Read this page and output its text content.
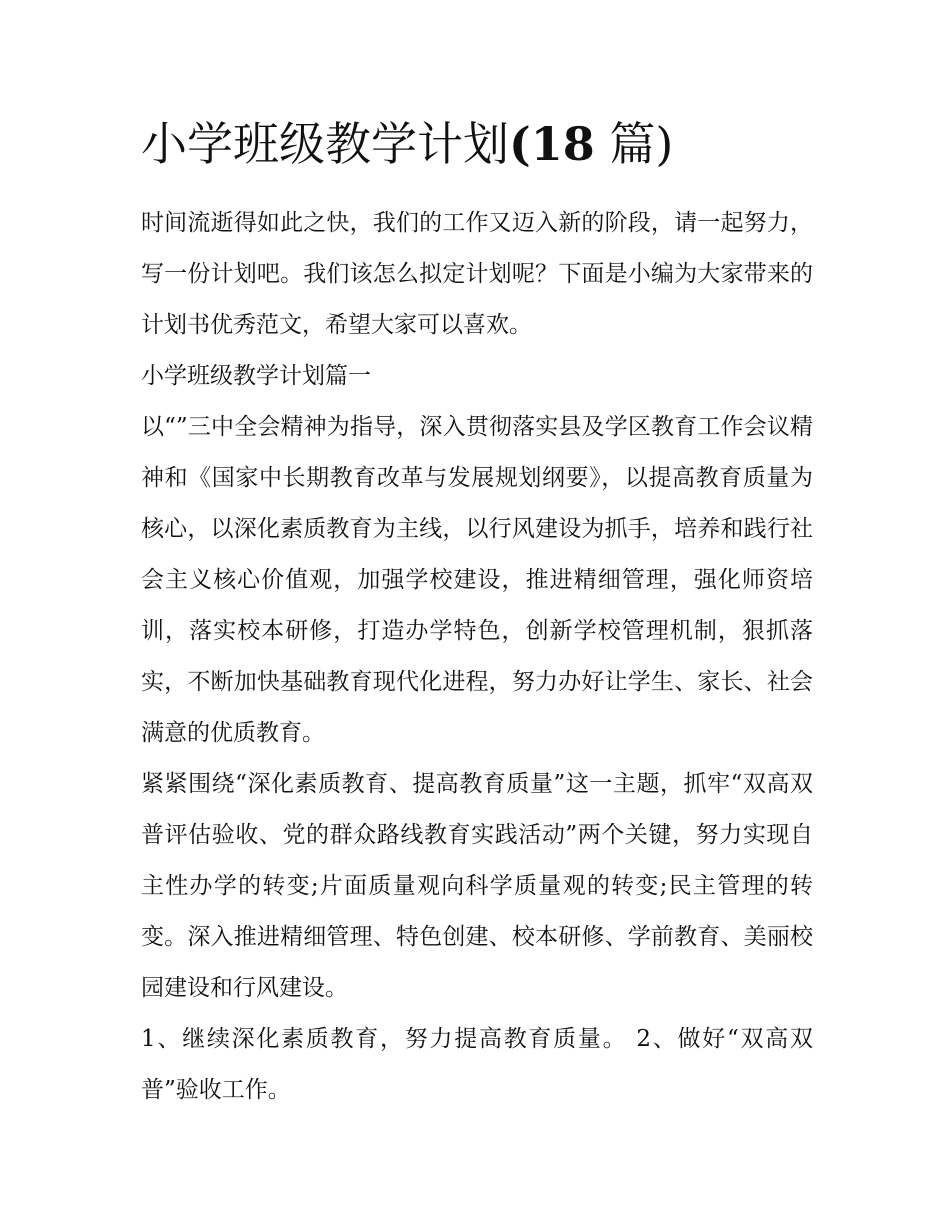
小学班级教学计划(18 篇)

时间流逝得如此之快，我们的工作又迈入新的阶段，请一起努力，写一份计划吧。我们该怎么拟定计划呢？下面是小编为大家带来的计划书优秀范文，希望大家可以喜欢。

小学班级教学计划篇一

以“”三中全会精神为指导，深入贯彻落实县及学区教育工作会议精神和《国家中长期教育改革与发展规划纲要》，以提高教育质量为核心，以深化素质教育为主线，以行风建设为抓手，培养和践行社会主义核心价值观，加强学校建设，推进精细管理，强化师资培训，落实校本研修，打造办学特色，创新学校管理机制，狠抓落实，不断加快基础教育现代化进程，努力办好让学生、家长、社会满意的优质教育。

紧紧围绕“深化素质教育、提高教育质量”这一主题，抓牢“双高双普评估验收、党的群众路线教育实践活动”两个关键，努力实现自主性办学的转变;片面质量观向科学质量观的转变;民主管理的转变。深入推进精细管理、特色创建、校本研修、学前教育、美丽校园建设和行风建设。

1、继续深化素质教育，努力提高教育质量。 2、做好“双高双普”验收工作。
